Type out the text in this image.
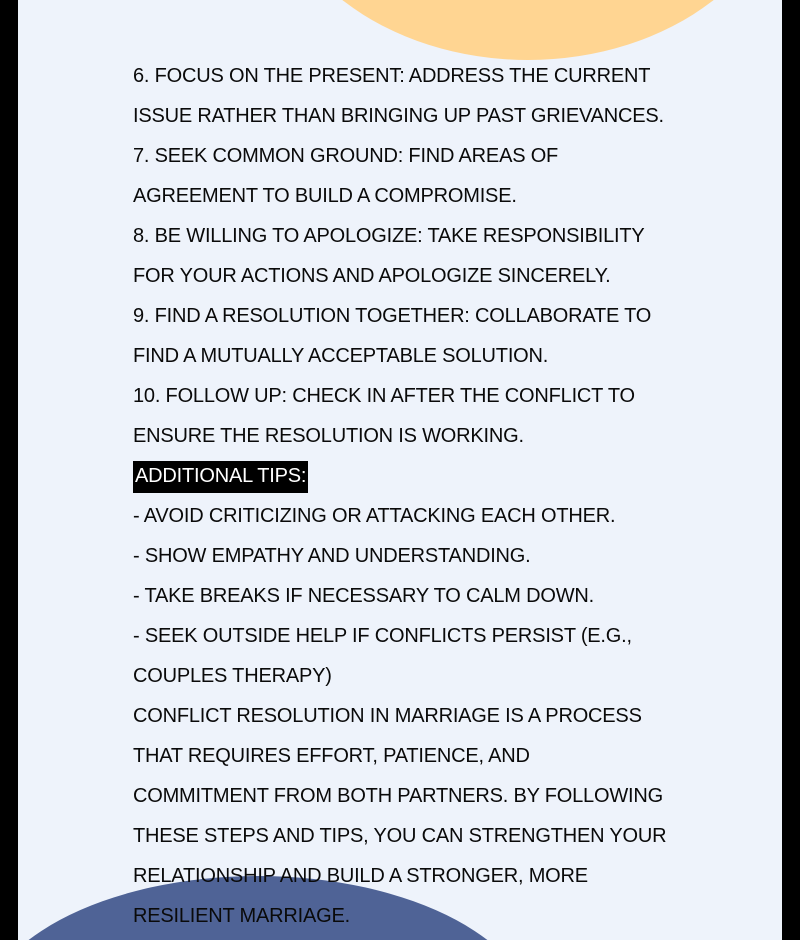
6. FOCUS ON THE PRESENT: ADDRESS THE CURRENT
ISSUE RATHER THAN BRINGING UP PAST GRIEVANCES.
7. SEEK COMMON GROUND: FIND AREAS OF
AGREEMENT TO BUILD A COMPROMISE.
8. BE WILLING TO APOLOGIZE: TAKE RESPONSIBILITY
FOR YOUR ACTIONS AND APOLOGIZE SINCERELY.
9. FIND A RESOLUTION TOGETHER: COLLABORATE TO
FIND A MUTUALLY ACCEPTABLE SOLUTION.
10. FOLLOW UP: CHECK IN AFTER THE CONFLICT TO
ENSURE THE RESOLUTION IS WORKING.
ADDITIONAL TIPS:
- AVOID CRITICIZING OR ATTACKING EACH OTHER.
- SHOW EMPATHY AND UNDERSTANDING.
- TAKE BREAKS IF NECESSARY TO CALM DOWN.
- SEEK OUTSIDE HELP IF CONFLICTS PERSIST (E.G.,
COUPLES THERAPY)
CONFLICT RESOLUTION IN MARRIAGE IS A PROCESS
THAT REQUIRES EFFORT, PATIENCE, AND
COMMITMENT FROM BOTH PARTNERS. BY FOLLOWING
THESE STEPS AND TIPS, YOU CAN STRENGTHEN YOUR
RELATIONSHIP AND BUILD A STRONGER, MORE
RESILIENT MARRIAGE.
